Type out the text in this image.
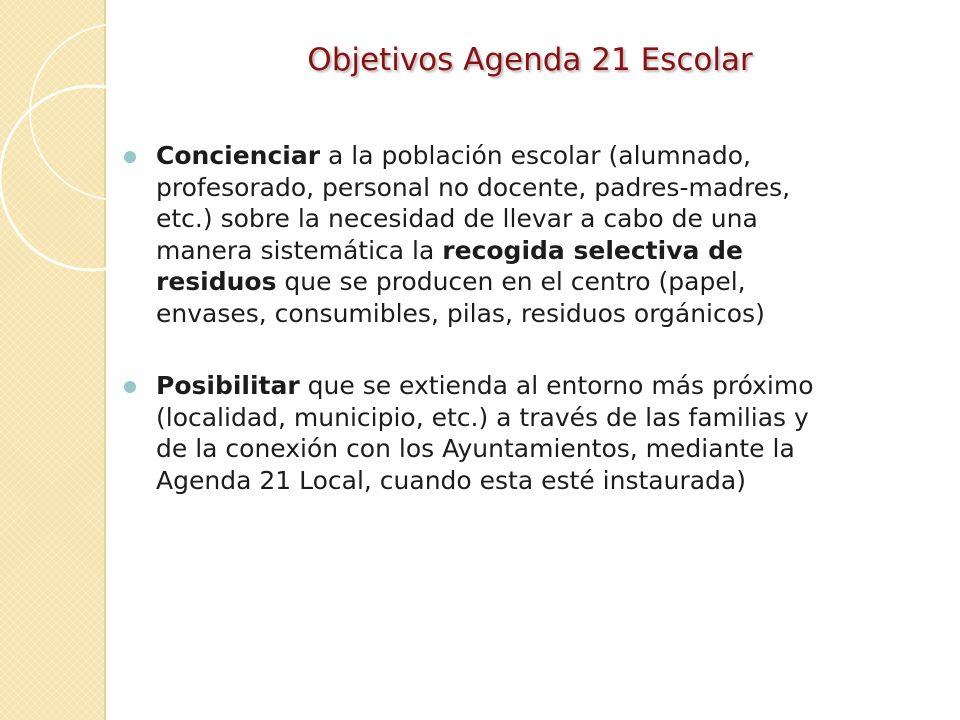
Objetivos Agenda 21 Escolar
Concienciar a la población escolar (alumnado, profesorado, personal no docente, padres-madres, etc.) sobre la necesidad de llevar a cabo de una manera sistemática la recogida selectiva de residuos que se producen en el centro (papel, envases, consumibles, pilas, residuos orgánicos)
Posibilitar que se extienda al entorno más próximo (localidad, municipio, etc.) a través de las familias y de la conexión con los Ayuntamientos, mediante la Agenda 21 Local, cuando esta esté instaurada)
